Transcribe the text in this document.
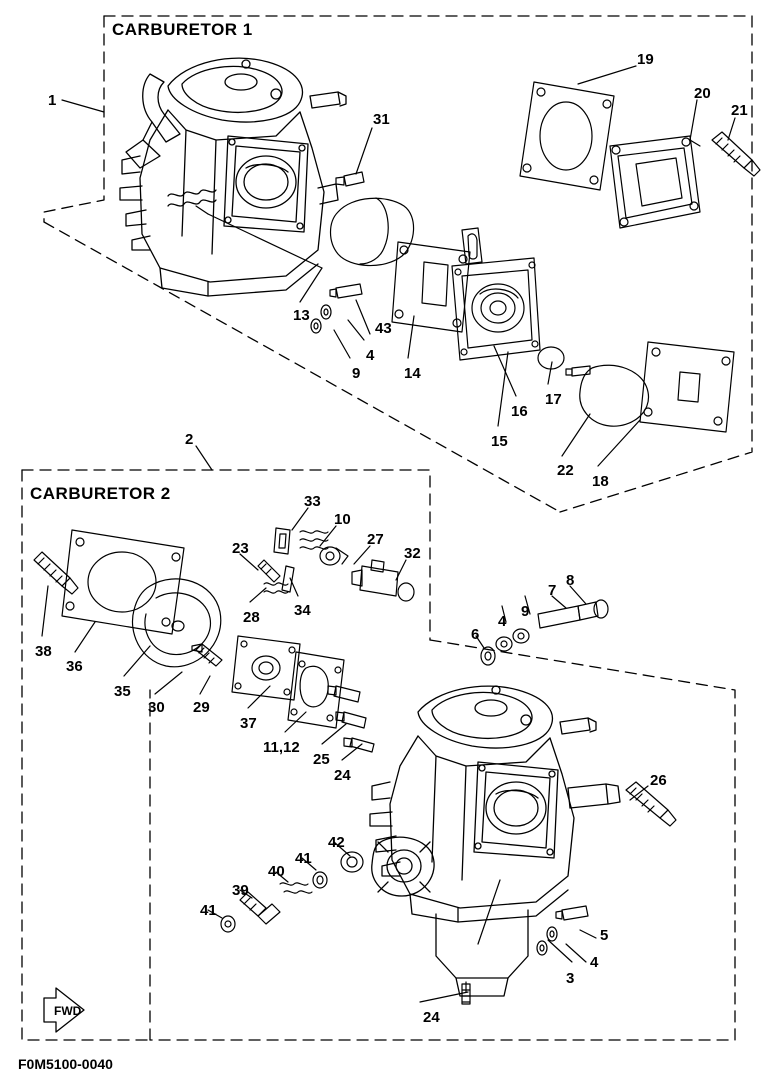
CARBURETOR 1
CARBURETOR 2
1
31
19
20
21
13
43
4
9	14
16
17
15
22
18
2
33
10
23
27
32
28 34
7
8
4
9
6
38
36
35
30 29
37
11,12
25
24	26
42
41
40
39
41
5
4
3
24
FWD
F0M5100-0040
